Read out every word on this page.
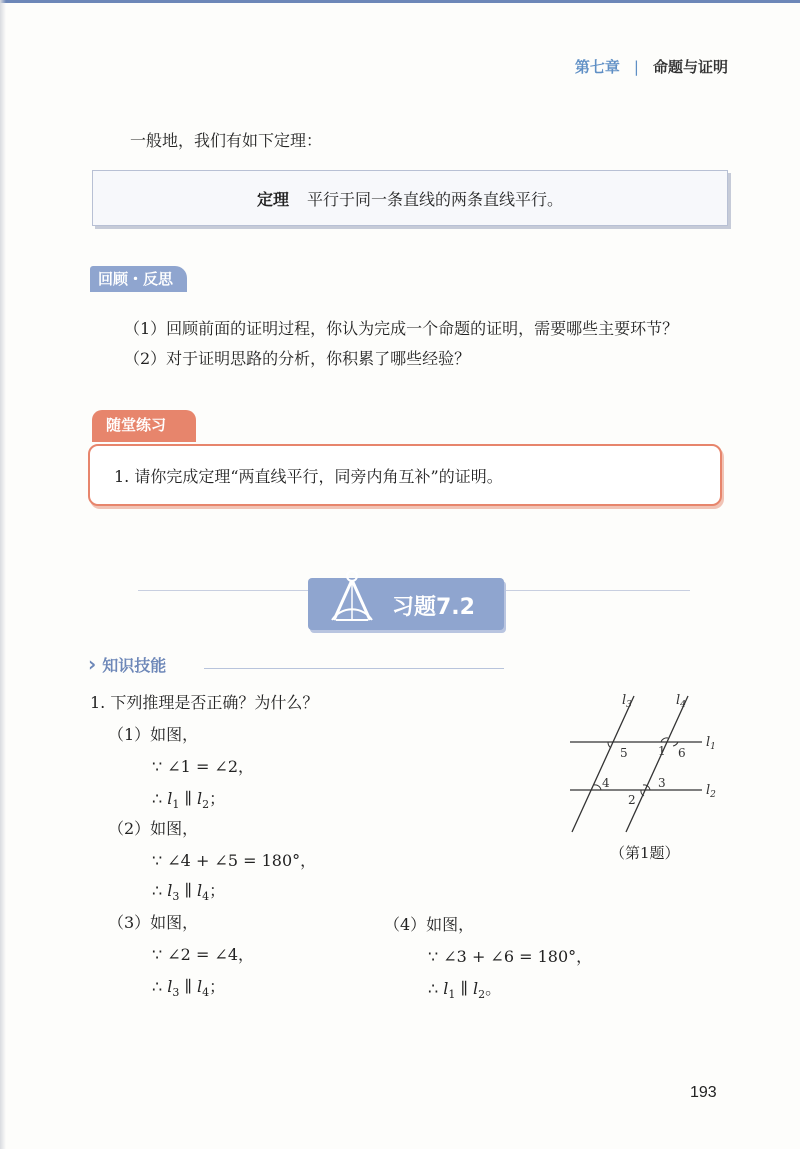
第七章 | 命题与证明
一般地，我们有如下定理：
定理 平行于同一条直线的两条直线平行。
回顾・反思
（1）回顾前面的证明过程，你认为完成一个命题的证明，需要哪些主要环节？
（2）对于证明思路的分析，你积累了哪些经验？
随堂练习
1. 请你完成定理“两直线平行，同旁内角互补”的证明。
习题7.2
› 知识技能
1. 下列推理是否正确？为什么？
（1）如图，
∵ ∠1 = ∠2，
∴ $l_1$ ∥ $l_2$；
（2）如图，
∵ ∠4 + ∠5 = 180°，
∴ $l_3$ ∥ $l_4$；
（3）如图，
∵ ∠2 = ∠4，
∴ $l_3$ ∥ $l_4$；
（4）如图，
∵ ∠3 + ∠6 = 180°，
∴ $l_1$ ∥ $l_2$。
$l_3$	$l_4$
$l_1$
$l_2$
5	1 6
4	3
2
（第1题）
193
